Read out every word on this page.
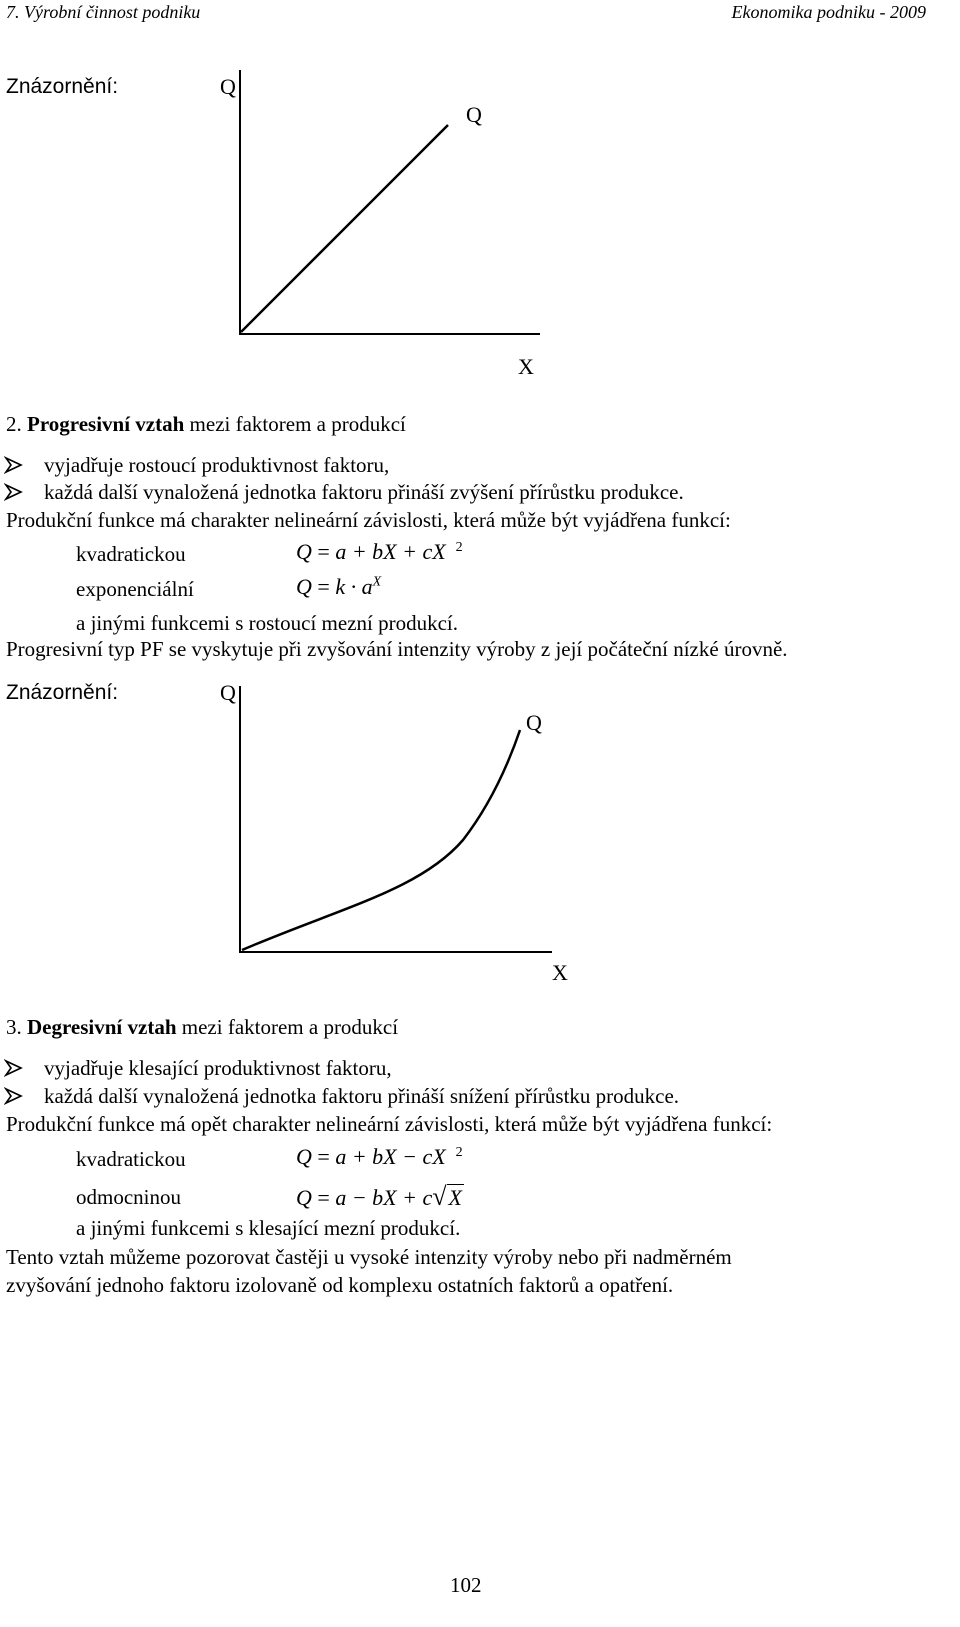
7. Výrobní činnost podniku	Ekonomika podniku - 2009
Znázornění:	Q
Q
X
2. Progresivní vztah mezi faktorem a produkcí
vyjadřuje rostoucí produktivnost faktoru,
každá další vynaložená jednotka faktoru přináší zvýšení přírůstku produkce.
Produkční funkce má charakter nelineární závislosti, která může být vyjádřena funkcí:
kvadratickou	Q = a + bX + cX $^2$
exponenciální	$Q = k \cdot a^X$
a jinými funkcemi s rostoucí mezní produkcí.
Progresivní typ PF se vyskytuje při zvyšování intenzity výroby z její počáteční nízké úrovně.
Znázornění:	Q
Q
X
3. Degresivní vztah mezi faktorem a produkcí
vyjadřuje klesající produktivnost faktoru,
každá další vynaložená jednotka faktoru přináší snížení přírůstku produkce.
Produkční funkce má opět charakter nelineární závislosti, která může být vyjádřena funkcí:
kvadratickou	Q = a + bX − cX $^2$
odmocninou	Q = a − bX + c√X
a jinými funkcemi s klesající mezní produkcí.
Tento vztah můžeme pozorovat častěji u vysoké intenzity výroby nebo při nadměrném
zvyšování jednoho faktoru izolovaně od komplexu ostatních faktorů a opatření.
102
